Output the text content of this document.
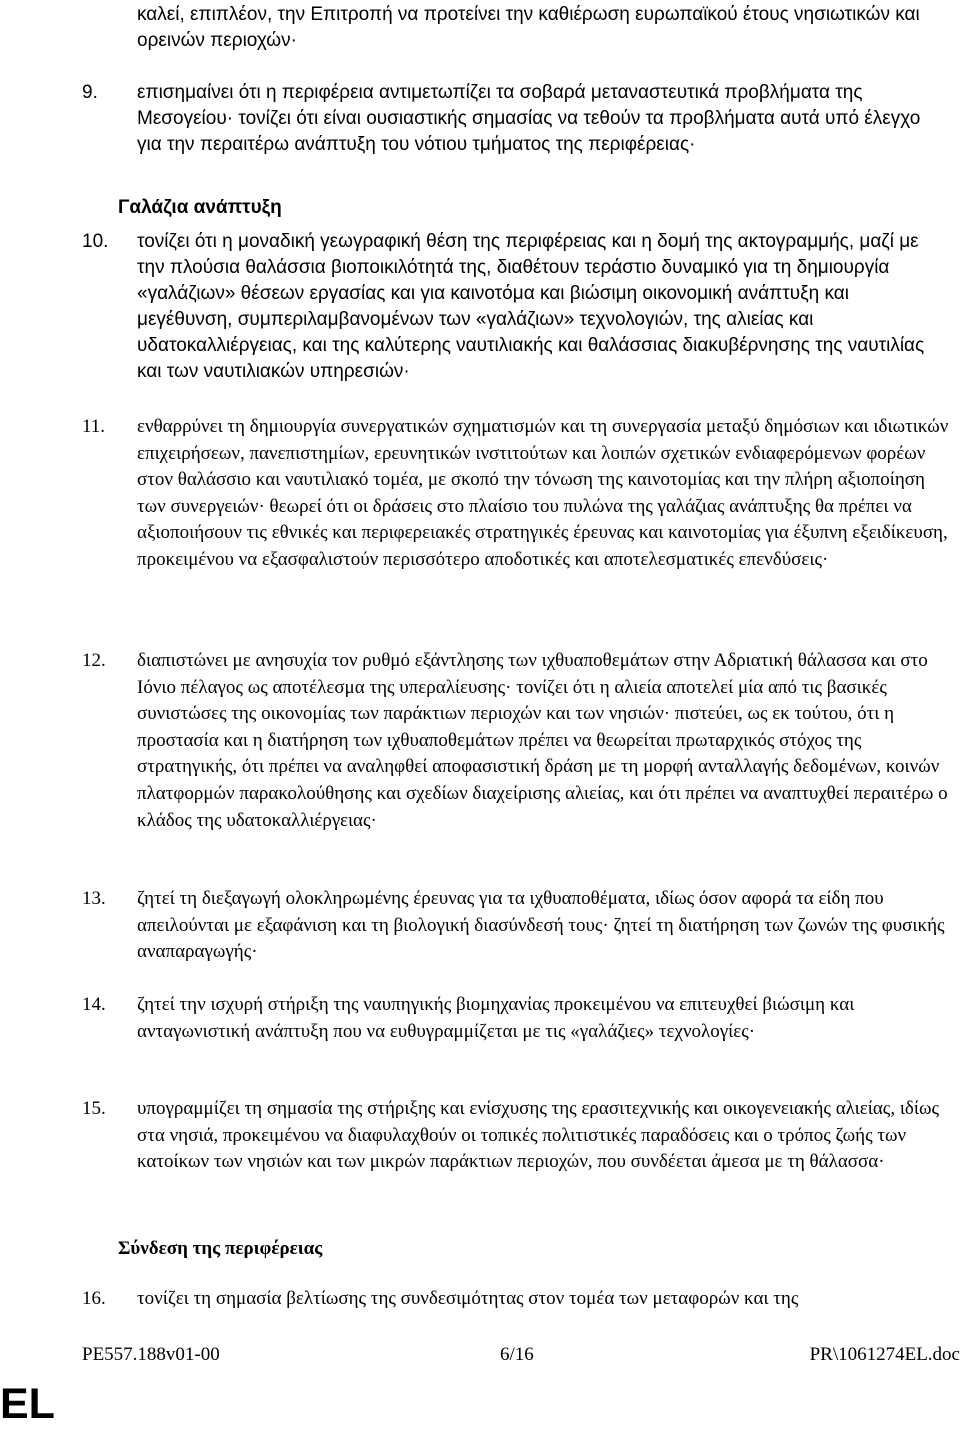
καλεί, επιπλέον, την Επιτροπή να προτείνει την καθιέρωση ευρωπαϊκού έτους νησιωτικών και ορεινών περιοχών·

9. επισημαίνει ότι η περιφέρεια αντιμετωπίζει τα σοβαρά μεταναστευτικά προβλήματα της Μεσογείου· τονίζει ότι είναι ουσιαστικής σημασίας να τεθούν τα προβλήματα αυτά υπό έλεγχο για την περαιτέρω ανάπτυξη του νότιου τμήματος της περιφέρειας·

Γαλάζια ανάπτυξη

10. τονίζει ότι η μοναδική γεωγραφική θέση της περιφέρειας και η δομή της ακτογραμμής, μαζί με την πλούσια θαλάσσια βιοποικιλότητά της, διαθέτουν τεράστιο δυναμικό για τη δημιουργία «γαλάζιων» θέσεων εργασίας και για καινοτόμα και βιώσιμη οικονομική ανάπτυξη και μεγέθυνση, συμπεριλαμβανομένων των «γαλάζιων» τεχνολογιών, της αλιείας και υδατοκαλλιέργειας, και της καλύτερης ναυτιλιακής και θαλάσσιας διακυβέρνησης της ναυτιλίας και των ναυτιλιακών υπηρεσιών·

11. ενθαρρύνει τη δημιουργία συνεργατικών σχηματισμών και τη συνεργασία μεταξύ δημόσιων και ιδιωτικών επιχειρήσεων, πανεπιστημίων, ερευνητικών ινστιτούτων και λοιπών σχετικών ενδιαφερόμενων φορέων στον θαλάσσιο και ναυτιλιακό τομέα, με σκοπό την τόνωση της καινοτομίας και την πλήρη αξιοποίηση των συνεργειών· θεωρεί ότι οι δράσεις στο πλαίσιο του πυλώνα της γαλάζιας ανάπτυξης θα πρέπει να αξιοποιήσουν τις εθνικές και περιφερειακές στρατηγικές έρευνας και καινοτομίας για έξυπνη εξειδίκευση, προκειμένου να εξασφαλιστούν περισσότερο αποδοτικές και αποτελεσματικές επενδύσεις·

12. διαπιστώνει με ανησυχία τον ρυθμό εξάντλησης των ιχθυαποθεμάτων στην Αδριατική θάλασσα και στο Ιόνιο πέλαγος ως αποτέλεσμα της υπεραλίευσης· τονίζει ότι η αλιεία αποτελεί μία από τις βασικές συνιστώσες της οικονομίας των παράκτιων περιοχών και των νησιών· πιστεύει, ως εκ τούτου, ότι η προστασία και η διατήρηση των ιχθυαποθεμάτων πρέπει να θεωρείται πρωταρχικός στόχος της στρατηγικής, ότι πρέπει να αναληφθεί αποφασιστική δράση με τη μορφή ανταλλαγής δεδομένων, κοινών πλατφορμών παρακολούθησης και σχεδίων διαχείρισης αλιείας, και ότι πρέπει να αναπτυχθεί περαιτέρω ο κλάδος της υδατοκαλλιέργειας·

13. ζητεί τη διεξαγωγή ολοκληρωμένης έρευνας για τα ιχθυαποθέματα, ιδίως όσον αφορά τα είδη που απειλούνται με εξαφάνιση και τη βιολογική διασύνδεσή τους· ζητεί τη διατήρηση των ζωνών της φυσικής αναπαραγωγής·

14. ζητεί την ισχυρή στήριξη της ναυπηγικής βιομηχανίας προκειμένου να επιτευχθεί βιώσιμη και ανταγωνιστική ανάπτυξη που να ευθυγραμμίζεται με τις «γαλάζιες» τεχνολογίες·

15. υπογραμμίζει τη σημασία της στήριξης και ενίσχυσης της ερασιτεχνικής και οικογενειακής αλιείας, ιδίως στα νησιά, προκειμένου να διαφυλαχθούν οι τοπικές πολιτιστικές παραδόσεις και ο τρόπος ζωής των κατοίκων των νησιών και των μικρών παράκτιων περιοχών, που συνδέεται άμεσα με τη θάλασσα·

Σύνδεση της περιφέρειας

16. τονίζει τη σημασία βελτίωσης της συνδεσιμότητας στον τομέα των μεταφορών και της

PE557.188v01-00	6/16	PR\1061274EL.doc
EL
